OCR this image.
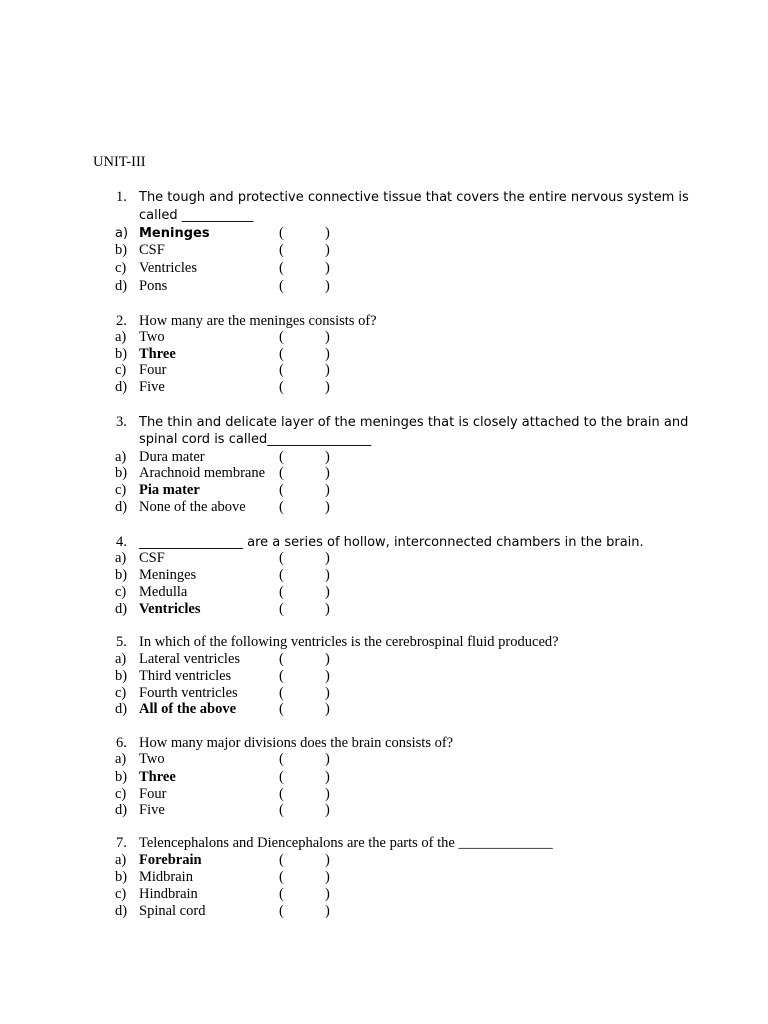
UNIT-III
1. The tough and protective connective tissue that covers the entire nervous system is
called ___________
a) Meninges	(	)
b) CSF	(	)
c) Ventricles	(	)
d) Pons	(	)
2. How many are the meninges consists of?
a) Two	(	)
b) Three	(	)
c) Four	(	)
d) Five	(	)
3. The thin and delicate layer of the meninges that is closely attached to the brain and
spinal cord is called________________
a) Dura mater	(	)
b) Arachnoid membrane (	)
c) Pia mater	(	)
d) None of the above (	)
4. ________________ are a series of hollow, interconnected chambers in the brain.
a) CSF	(	)
b) Meninges	(	)
c) Medulla	(	)
d) Ventricles	(	)
5. In which of the following ventricles is the cerebrospinal fluid produced?
a) Lateral ventricles	(	)
b) Third ventricles	(	)
c) Fourth ventricles	(	)
d) All of the above	(	)
6. How many major divisions does the brain consists of?
a) Two	(	)
b) Three	(	)
c) Four	(	)
d) Five	(	)
7. Telencephalons and Diencephalons are the parts of the _____________
a) Forebrain	(	)
b) Midbrain	(	)
c) Hindbrain	(	)
d) Spinal cord	(	)
